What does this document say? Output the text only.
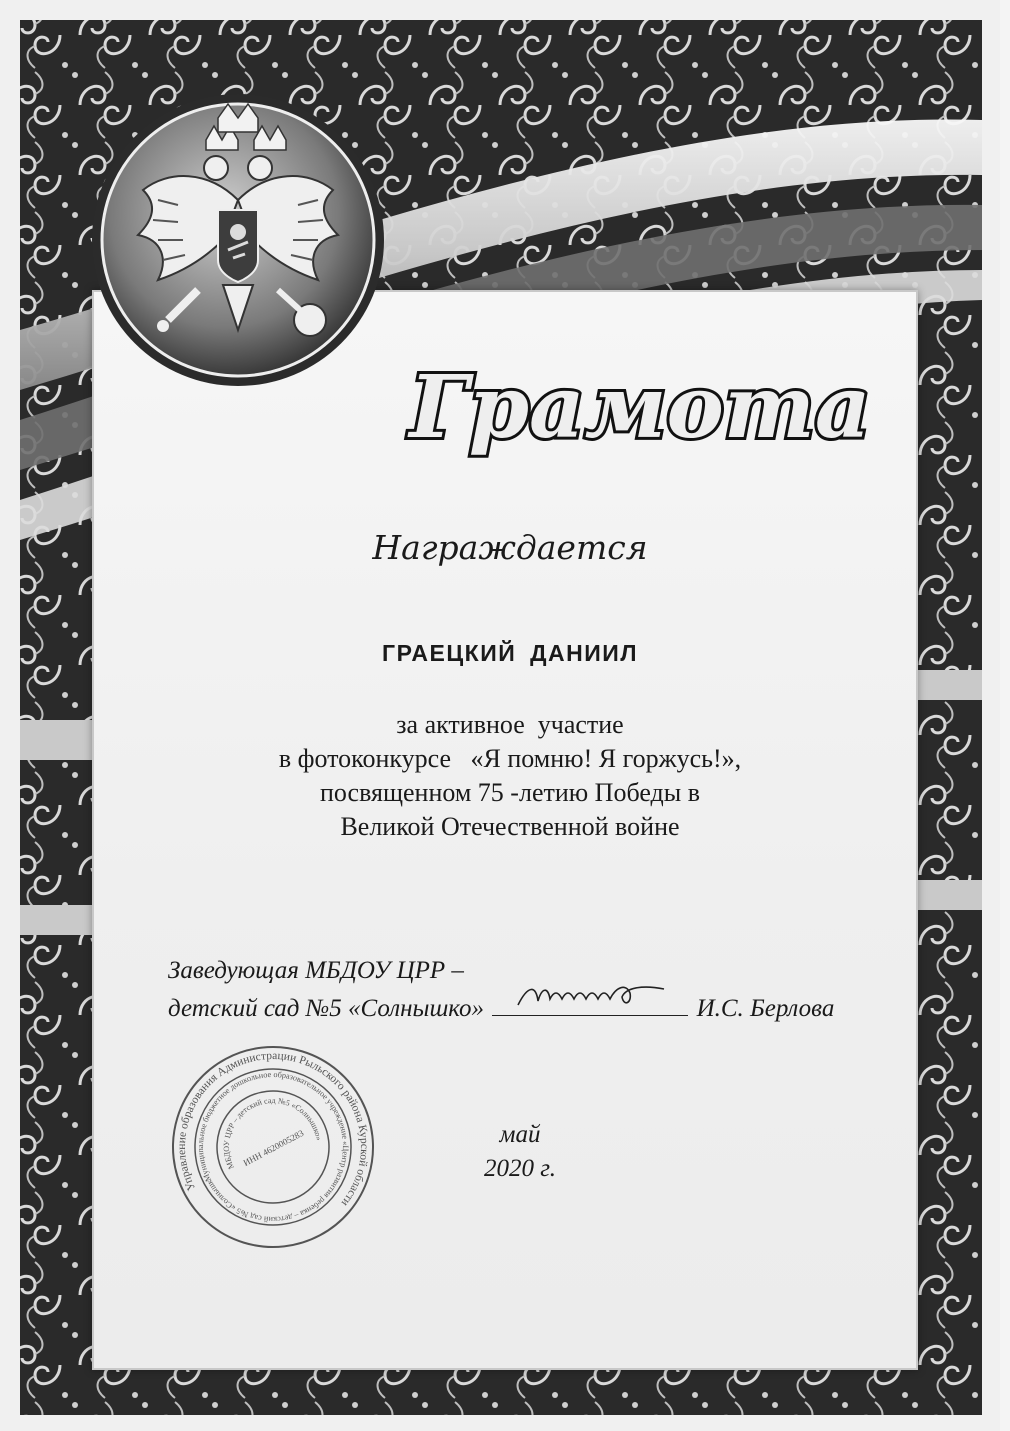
Грамота
Награждается
ГРАЕЦКИЙ ДАНИИЛ
за активное  участие
в фотоконкурсе   «Я помню! Я горжусь!»,
посвященном 75 -летию Победы в
Великой Отечественной войне
Заведующая МБДОУ ЦРР –
детский сад №5 «Солнышко»	И.С. Берлова
Управление образования Администрации Рыльского района Курской области
Муниципальное бюджетное дошкольное образовательное учреждение «Центр развития ребенка – детский сад №5 «Солнышко»
МБДОУ ЦРР – детский сад №5 «Солнышко»
ИНН 4620005283	май
2020 г.
